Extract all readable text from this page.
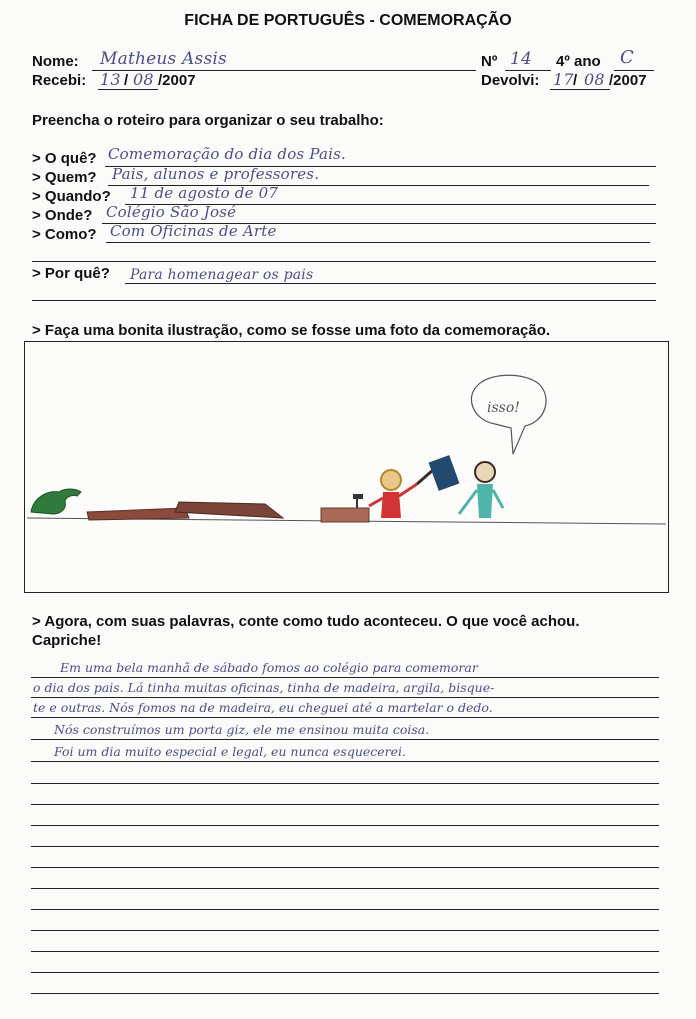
FICHA DE PORTUGUÊS - COMEMORAÇÃO
Nome: Matheus Assis	Nº 14 4º ano C
Recebi: 13 / 08 /2007	Devolvi: 17 / 08 /2007
Preencha o roteiro para organizar o seu trabalho:
> O quê? Comemoração do dia dos Pais.
> Quem? Pais, alunos e professores.
> Quando? 11 de agosto de 07
> Onde? Colégio São José
> Como? Com Oficinas de Arte
> Por quê? Para homenagear os pais
> Faça uma bonita ilustração, como se fosse uma foto da comemoração.
isso!
> Agora, com suas palavras, conte como tudo aconteceu. O que você achou.
Capriche!
Em uma bela manhã de sábado fomos ao colégio para comemorar
o dia dos pais. Lá tinha muitas oficinas, tinha de madeira, argila, bisque-
te e outras. Nós fomos na de madeira, eu cheguei até a martelar o dedo.
Nós construímos um porta giz, ele me ensinou muita coisa.
Foi um dia muito especial e legal, eu nunca esquecerei.
